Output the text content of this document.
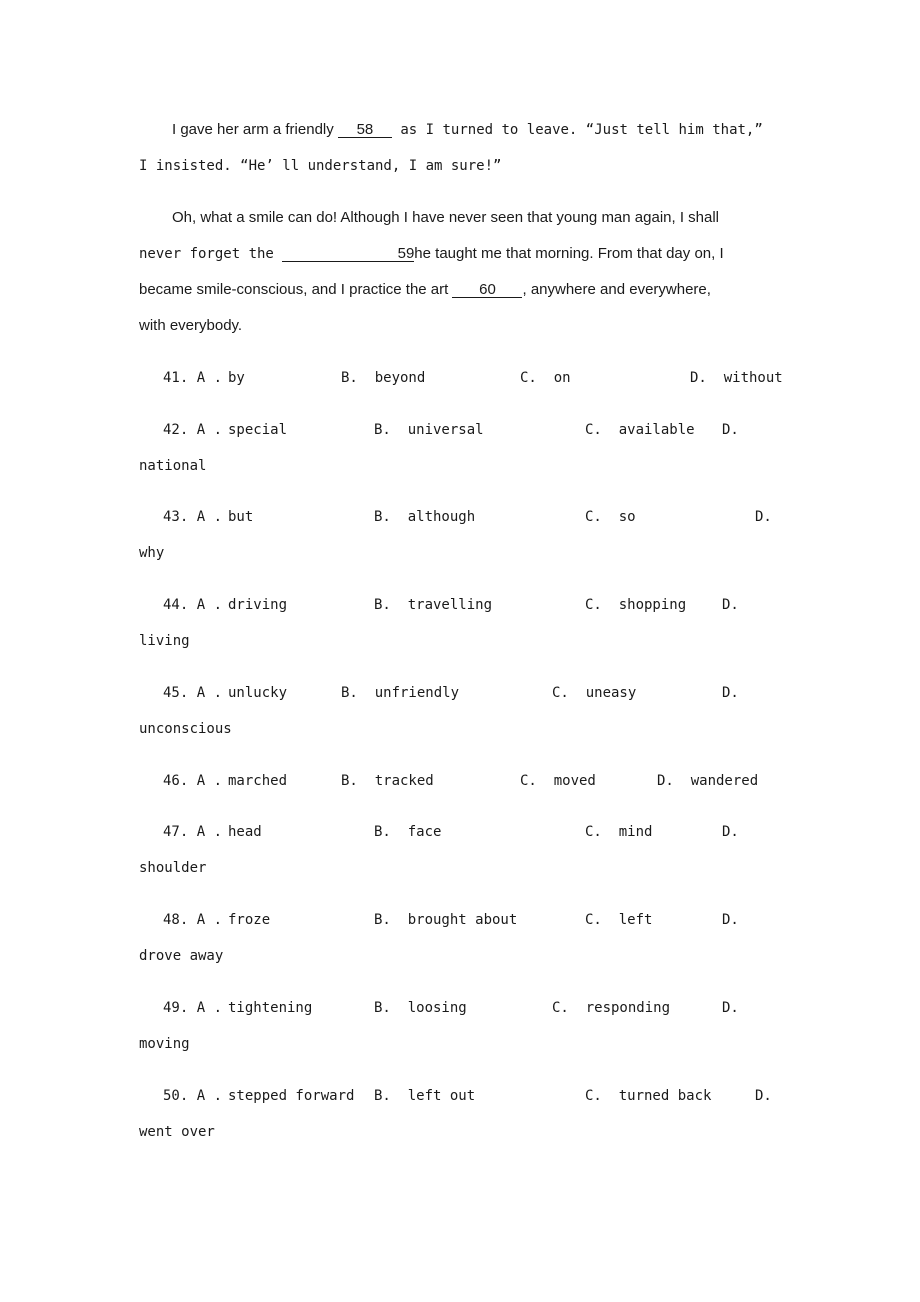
I gave her arm a friendly 58 as I turned to leave. “Just tell him that,”
I insisted. “He’ ll understand, I am sure!”
Oh, what a smile can do! Although I have never seen that young man again, I shall
never forget the	59he taught me that morning. From that day on, I
became smile-conscious, and I practice the art 60 , anywhere and everywhere,
with everybody.
41. A . by	B.  beyond	C.  on	D.  without
42. A . special	B.  universal	C.  available D.
national
43. A . but	B.  although	C.  so	D.
why
44. A . driving	B.  travelling	C.  shopping	D.
living
45. A . unlucky	B.  unfriendly	C.  uneasy	D.
unconscious
46. A . marched	B.  tracked	C.  moved	D.  wandered
47. A . head	B.  face	C.  mind	D.
shoulder
48. A . froze	B.  brought about	C.  left	D.
drove away
49. A . tightening	B.  loosing	C.  responding	D.
moving
50. A . stepped forward B.  left out	C.  turned back	D.
went over
